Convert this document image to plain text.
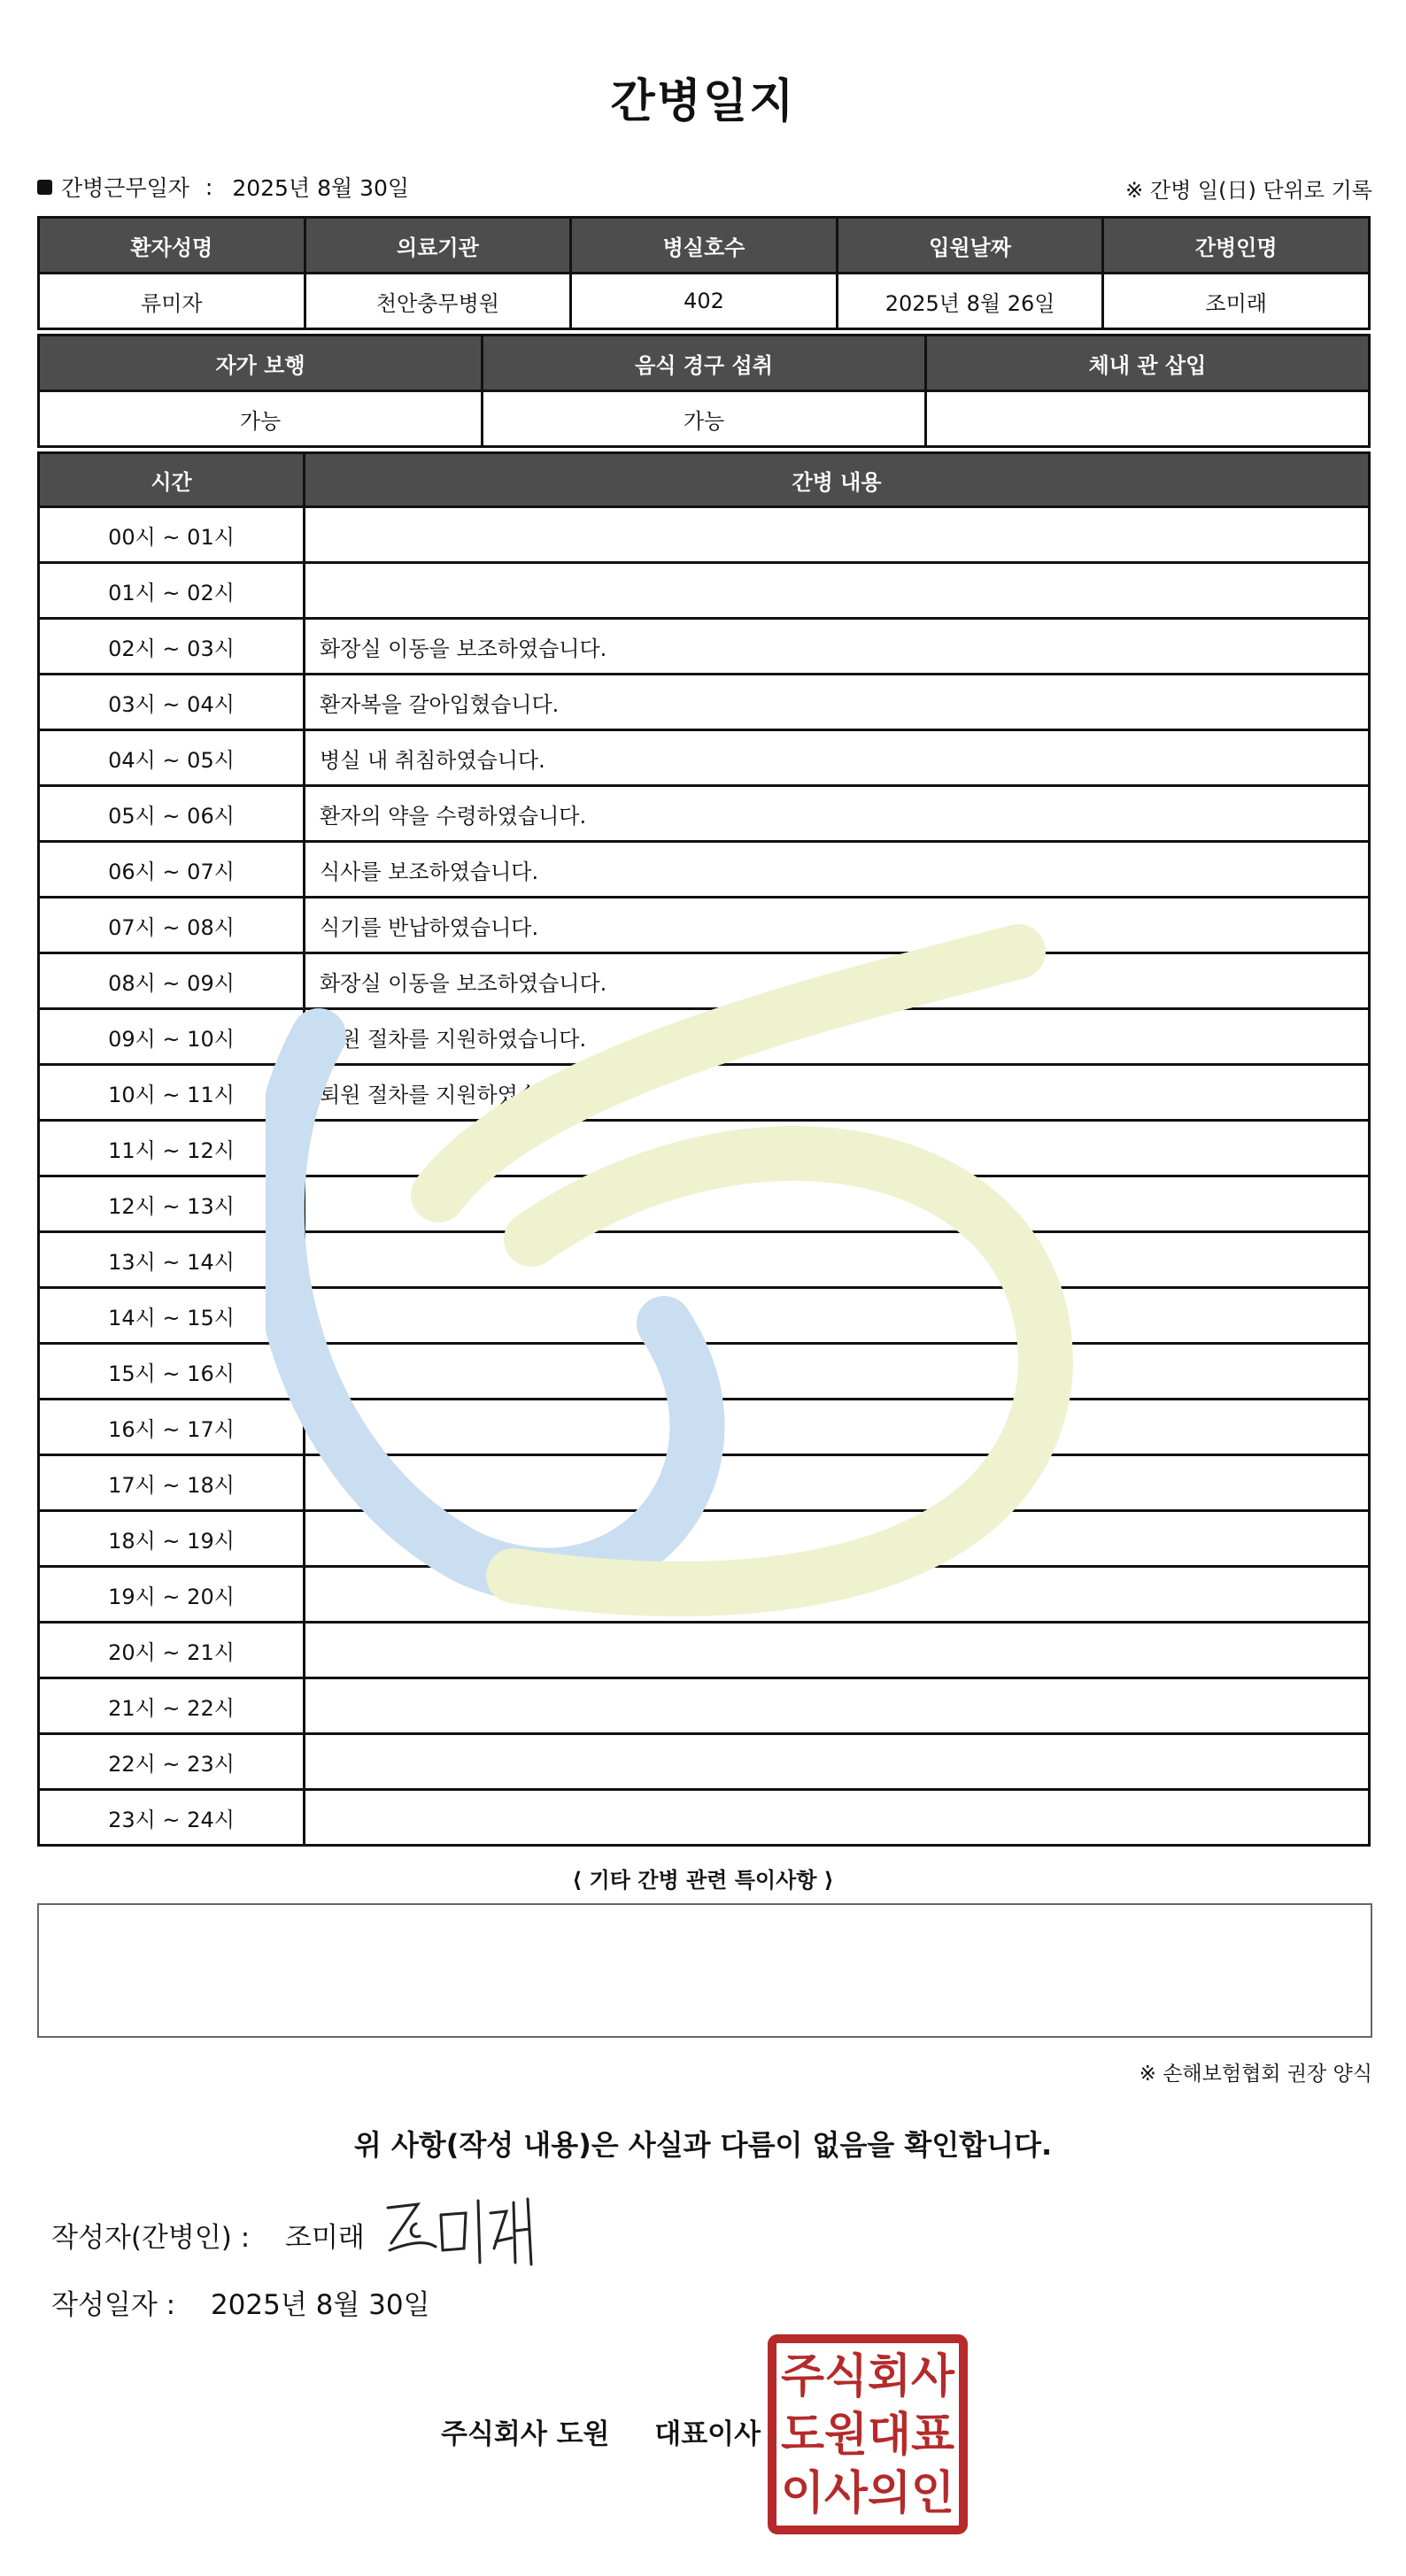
간병일지
간병근무일자 : 2025년 8월 30일	※ 간병 일(日) 단위로 기록
환자성명	의료기관	병실호수	입원날짜	간병인명
류미자	천안충무병원	402	2025년 8월 26일	조미래
자가 보행	음식 경구 섭취	체내 관 삽입
가능	가능	
시간	간병 내용
00시 ~ 01시	
01시 ~ 02시	
02시 ~ 03시	화장실 이동을 보조하였습니다.
03시 ~ 04시	환자복을 갈아입혔습니다.
04시 ~ 05시	병실 내 취침하였습니다.
05시 ~ 06시	환자의 약을 수령하였습니다.
06시 ~ 07시	식사를 보조하였습니다.
07시 ~ 08시	식기를 반납하였습니다.
08시 ~ 09시	화장실 이동을 보조하였습니다.
09시 ~ 10시	퇴원 절차를 지원하였습니다.
10시 ~ 11시	퇴원 절차를 지원하였습니다.
11시 ~ 12시	
12시 ~ 13시	
13시 ~ 14시	
14시 ~ 15시	
15시 ~ 16시	
16시 ~ 17시	
17시 ~ 18시	
18시 ~ 19시	
19시 ~ 20시	
20시 ~ 21시	
21시 ~ 22시	
22시 ~ 23시	
23시 ~ 24시	
⟨ 기타 간병 관련 특이사항 ⟩
※ 손해보험협회 권장 양식
위 사항(작성 내용)은 사실과 다름이 없음을 확인합니다.
작성자(간병인) : 조미래
작성일자 : 2025년 8월 30일
주식회사 도원 대표이사
주식회사
도원대표
이사의인
